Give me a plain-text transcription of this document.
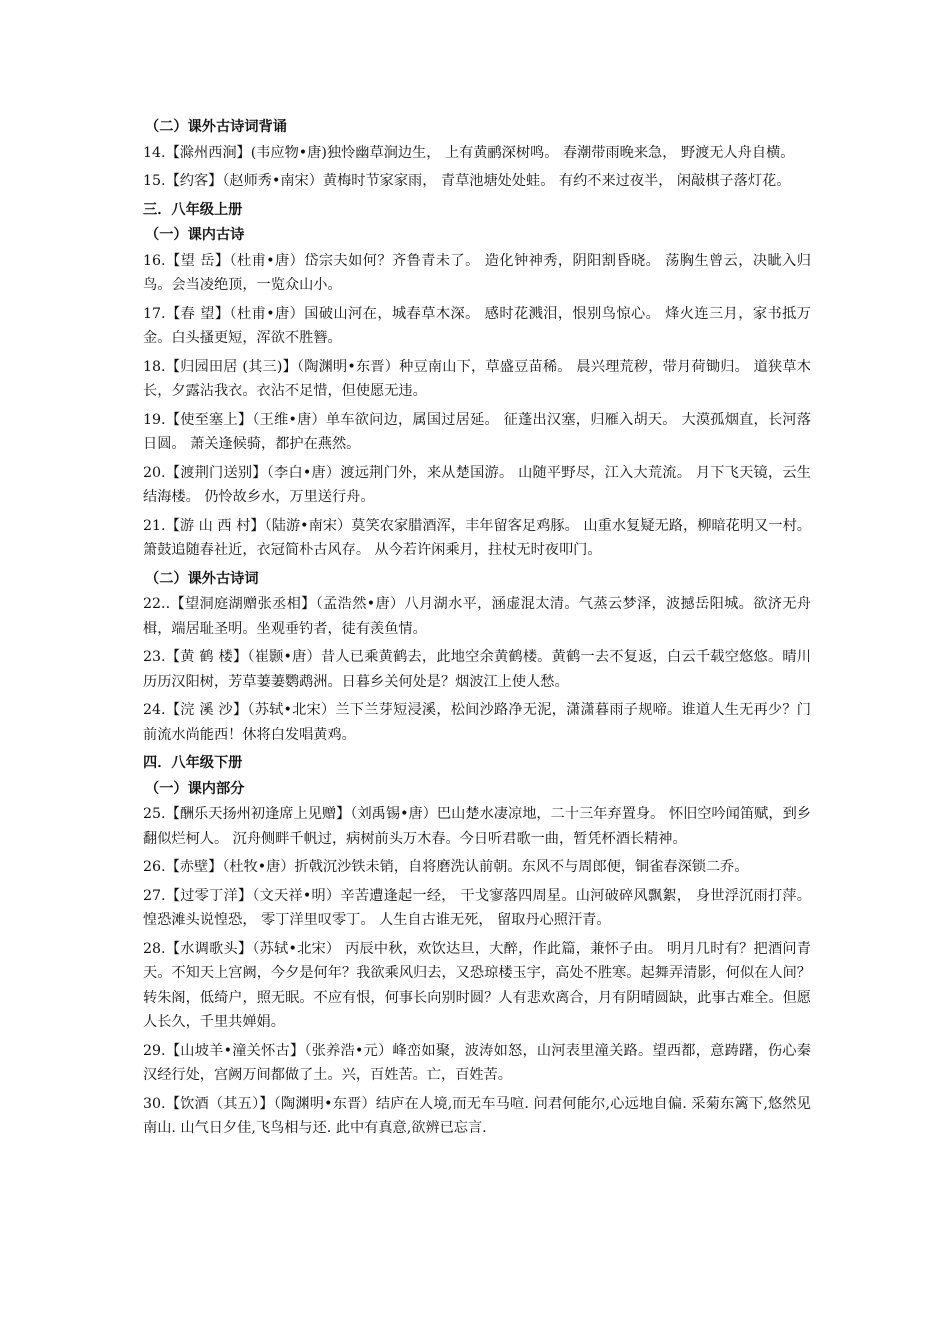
（二）课外古诗词背诵
14.【滁州西涧】(韦应物•唐)独怜幽草涧边生， 上有黄鹂深树鸣。 春潮带雨晚来急， 野渡无人舟自横。
15.【约客】（赵师秀•南宋）黄梅时节家家雨， 青草池塘处处蛙。 有约不来过夜半， 闲敲棋子落灯花。
三．八年级上册
（一）课内古诗
16.【望 岳】（杜甫•唐）岱宗夫如何？齐鲁青未了。 造化钟神秀，阴阳割昏晓。 荡胸生曾云，决眦入归鸟。会当凌绝顶，一览众山小。
17.【春 望】（杜甫•唐）国破山河在，城春草木深。 感时花溅泪，恨别鸟惊心。 烽火连三月，家书抵万金。白头搔更短，浑欲不胜簪。
18.【归园田居 (其三)】（陶渊明•东晋）种豆南山下，草盛豆苗稀。 晨兴理荒秽，带月荷锄归。 道狭草木长，夕露沾我衣。衣沾不足惜，但使愿无违。
19.【使至塞上】（王维•唐）单车欲问边，属国过居延。 征蓬出汉塞，归雁入胡天。 大漠孤烟直，长河落日圆。 萧关逢候骑，都护在燕然。
20.【渡荆门送别】（李白•唐）渡远荆门外，来从楚国游。 山随平野尽，江入大荒流。 月下飞天镜，云生结海楼。 仍怜故乡水，万里送行舟。
21.【游 山 西 村】（陆游•南宋）莫笑农家腊酒浑，丰年留客足鸡豚。 山重水复疑无路，柳暗花明又一村。 箫鼓追随春社近，衣冠简朴古风存。 从今若许闲乘月，拄杖无时夜叩门。
（二）课外古诗词
22..【望洞庭湖赠张丞相】（孟浩然•唐）八月湖水平，涵虚混太清。气蒸云梦泽，波撼岳阳城。欲济无舟楫，端居耻圣明。坐观垂钓者，徒有羡鱼情。
23.【黄 鹤 楼】（崔颢•唐）昔人已乘黄鹤去，此地空余黄鹤楼。黄鹤一去不复返，白云千载空悠悠。晴川历历汉阳树，芳草萋萋鹦鹉洲。日暮乡关何处是？烟波江上使人愁。
24.【浣 溪 沙】（苏轼•北宋）兰下兰芽短浸溪，松间沙路净无泥，潇潇暮雨子规啼。谁道人生无再少？门前流水尚能西！休将白发唱黄鸡。
四．八年级下册
（一）课内部分
25.【酬乐天扬州初逢席上见赠】（刘禹锡•唐）巴山楚水凄凉地，二十三年弃置身。 怀旧空吟闻笛赋，到乡翻似烂柯人。 沉舟侧畔千帆过，病树前头万木春。今日听君歌一曲，暂凭杯酒长精神。
26.【赤壁】（杜牧•唐）折戟沉沙铁未销，自将磨洗认前朝。东风不与周郎便，铜雀春深锁二乔。
27.【过零丁洋】（文天祥•明）辛苦遭逢起一经， 干戈寥落四周星。山河破碎风飘絮， 身世浮沉雨打萍。 惶恐滩头说惶恐， 零丁洋里叹零丁。 人生自古谁无死， 留取丹心照汗青。
28.【水调歌头】（苏轼•北宋） 丙辰中秋，欢饮达旦，大醉，作此篇，兼怀子由。 明月几时有？把酒问青天。不知天上宫阙，今夕是何年？我欲乘风归去，又恐琼楼玉宇，高处不胜寒。起舞弄清影，何似在人间？ 转朱阁，低绮户，照无眠。不应有恨，何事长向别时圆？人有悲欢离合，月有阴晴圆缺，此事古难全。但愿人长久，千里共婵娟。
29.【山坡羊•潼关怀古】（张养浩•元）峰峦如聚，波涛如怒，山河表里潼关路。望西都，意踌躇，伤心秦汉经行处，宫阙万间都做了土。兴，百姓苦。亡，百姓苦。
30.【饮酒（其五）】（陶渊明•东晋）结庐在人境,而无车马喧. 问君何能尔,心远地自偏. 采菊东篱下,悠然见南山. 山气日夕佳,飞鸟相与还. 此中有真意,欲辨已忘言.
